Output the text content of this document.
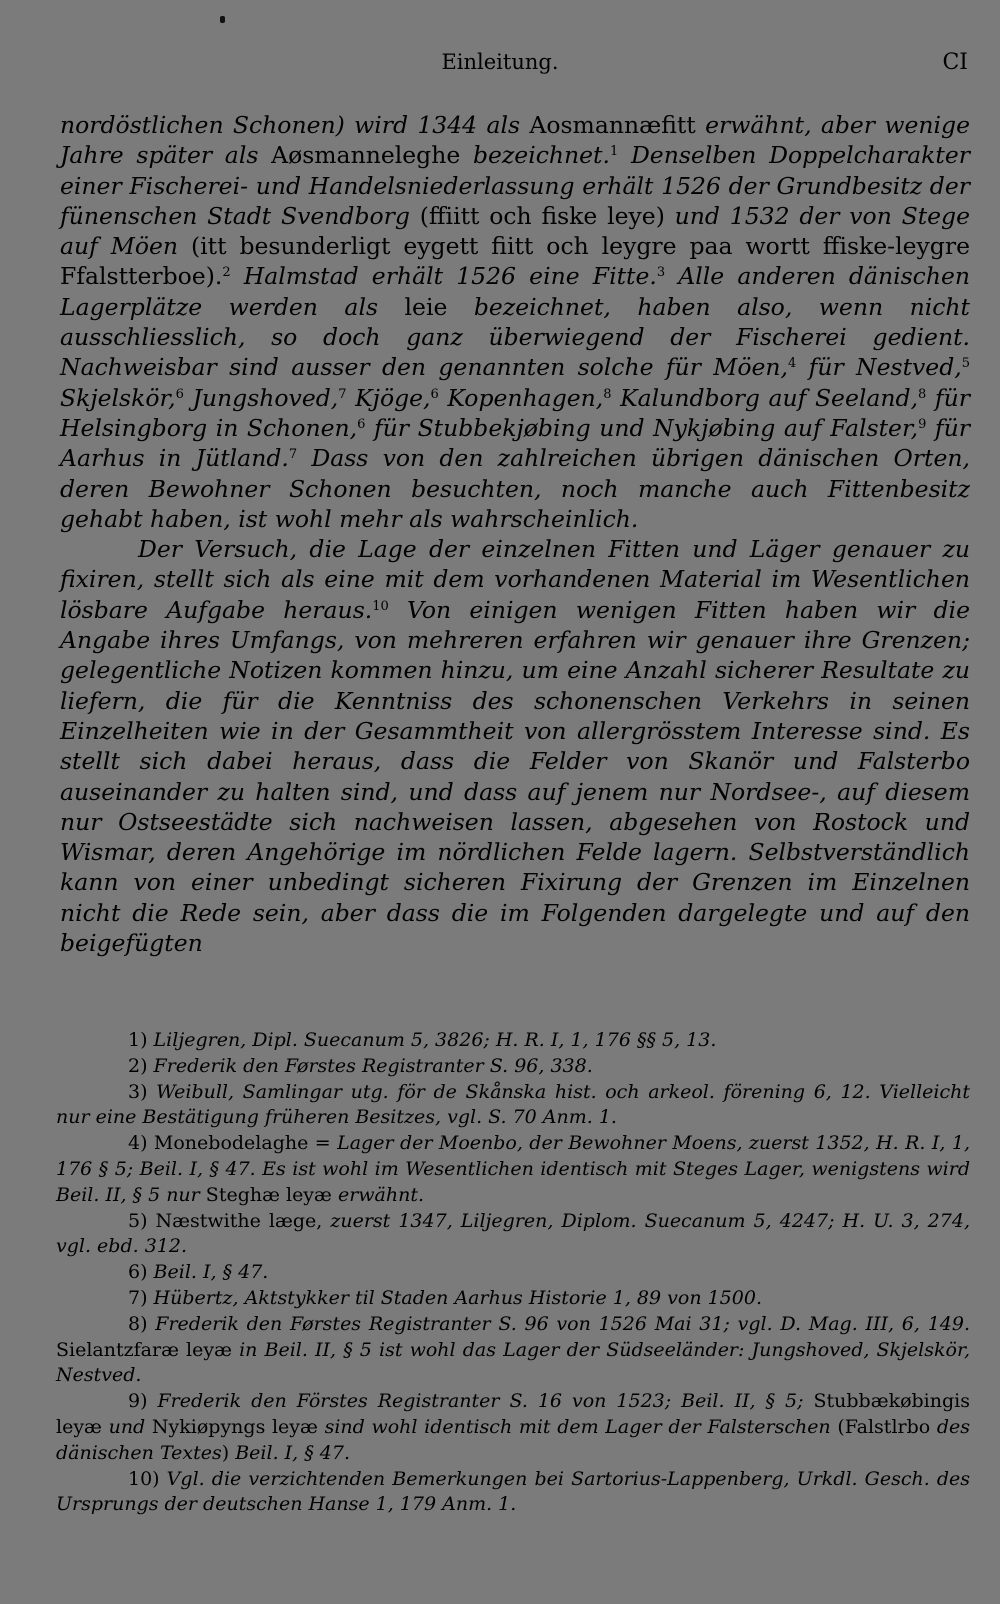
Einleitung.	CI

nordöstlichen Schonen) wird 1344 als Aosmannæfitt erwähnt, aber wenige Jahre später als Aøsmanneleghe bezeichnet.$^1$ Denselben Doppelcharakter einer Fischerei- und Handelsniederlassung erhält 1526 der Grundbesitz der fünenschen Stadt Svendborg (ffiitt och fiske leye) und 1532 der von Stege auf Möen (itt besunderligt eygett fiitt och leygre paa wortt ffiske-leygre Ffalstterboe).$^2$ Halmstad erhält 1526 eine Fitte.$^3$ Alle anderen dänischen Lagerplätze werden als leie bezeichnet, haben also, wenn nicht ausschliesslich, so doch ganz überwiegend der Fischerei gedient. Nachweisbar sind ausser den genannten solche für Möen,$^4$ für Nestved,$^5$ Skjelskör,$^6$ Jungshoved,$^7$ Kjöge,$^6$ Kopenhagen,$^8$ Kalundborg auf Seeland,$^8$ für Helsingborg in Schonen,$^6$ für Stubbekjøbing und Nykjøbing auf Falster,$^9$ für Aarhus in Jütland.$^7$ Dass von den zahlreichen übrigen dänischen Orten, deren Bewohner Schonen besuchten, noch manche auch Fittenbesitz gehabt haben, ist wohl mehr als wahrscheinlich.

Der Versuch, die Lage der einzelnen Fitten und Läger genauer zu fixiren, stellt sich als eine mit dem vorhandenen Material im Wesentlichen lösbare Aufgabe heraus.$^{10}$ Von einigen wenigen Fitten haben wir die Angabe ihres Umfangs, von mehreren erfahren wir genauer ihre Grenzen; gelegentliche Notizen kommen hinzu, um eine Anzahl sicherer Resultate zu liefern, die für die Kenntniss des schonenschen Verkehrs in seinen Einzelheiten wie in der Gesammtheit von allergrösstem Interesse sind. Es stellt sich dabei heraus, dass die Felder von Skanör und Falsterbo auseinander zu halten sind, und dass auf jenem nur Nordsee-, auf diesem nur Ostseestädte sich nachweisen lassen, abgesehen von Rostock und Wismar, deren Angehörige im nördlichen Felde lagern. Selbstverständlich kann von einer unbedingt sicheren Fixirung der Grenzen im Einzelnen nicht die Rede sein, aber dass die im Folgenden dargelegte und auf den beigefügten

1) Liljegren, Dipl. Suecanum 5, 3826; H. R. I, 1, 176 §§ 5, 13.

2) Frederik den Førstes Registranter S. 96, 338.

3) Weibull, Samlingar utg. för de Skånska hist. och arkeol. förening 6, 12. Vielleicht nur eine Bestätigung früheren Besitzes, vgl. S. 70 Anm. 1.

4) Monebodelaghe = Lager der Moenbo, der Bewohner Moens, zuerst 1352, H. R. I, 1, 176 § 5; Beil. I, § 47. Es ist wohl im Wesentlichen identisch mit Steges Lager, wenigstens wird Beil. II, § 5 nur Steghæ leyæ erwähnt.

5) Næstwithe læge, zuerst 1347, Liljegren, Diplom. Suecanum 5, 4247; H. U. 3, 274, vgl. ebd. 312.

6) Beil. I, § 47.

7) Hübertz, Aktstykker til Staden Aarhus Historie 1, 89 von 1500.

8) Frederik den Førstes Registranter S. 96 von 1526 Mai 31; vgl. D. Mag. III, 6, 149. Sielantzfaræ leyæ in Beil. II, § 5 ist wohl das Lager der Südseeländer: Jungshoved, Skjelskör, Nestved.

9) Frederik den Förstes Registranter S. 16 von 1523; Beil. II, § 5; Stubbækøbingis leyæ und Nykiøpyngs leyæ sind wohl identisch mit dem Lager der Falsterschen (Falstlrbo des dänischen Textes) Beil. I, § 47.

10) Vgl. die verzichtenden Bemerkungen bei Sartorius-Lappenberg, Urkdl. Gesch. des Ursprungs der deutschen Hanse 1, 179 Anm. 1.
